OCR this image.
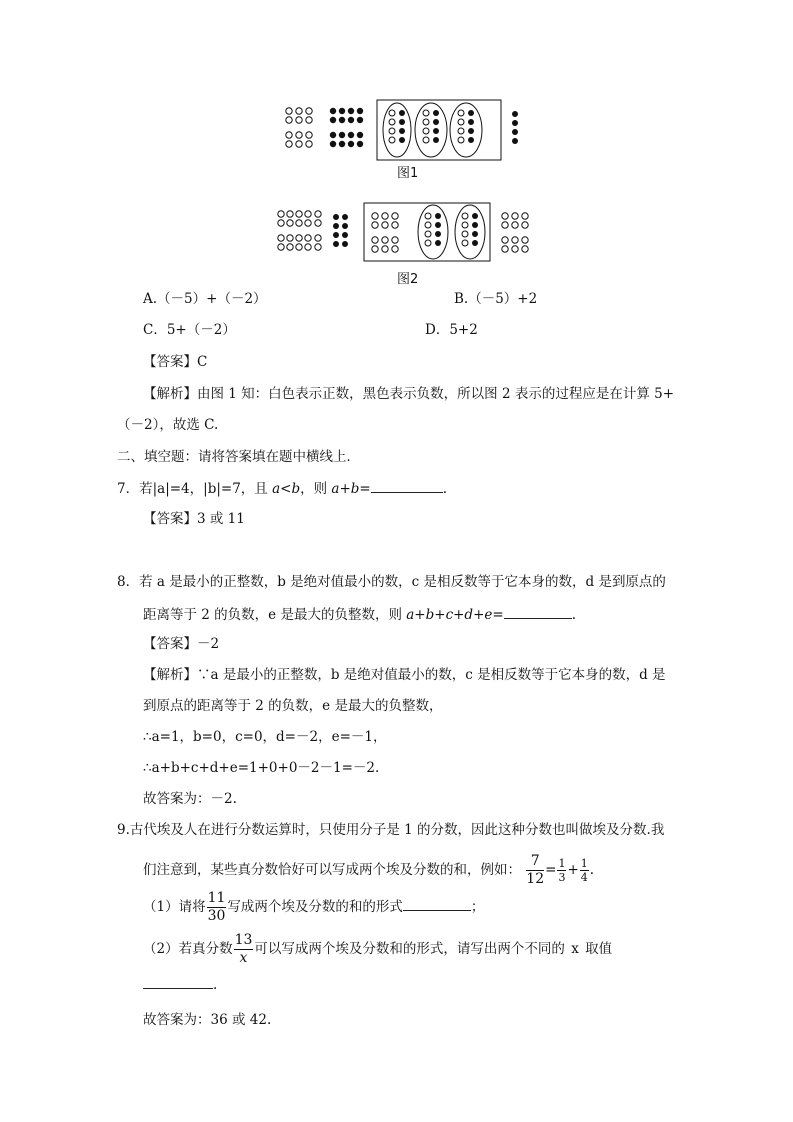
图1
图2
A.（－5）+（－2）	B.（－5）+2
C．5+（－2）	D．5+2
【答案】C
【解析】由图 1 知：白色表示正数，黑色表示负数，所以图 2 表示的过程应是在计算 5+
（－2），故选 C.
二、填空题：请将答案填在题中横线上．
7．若|a|=4，|b|=7，且 a<b，则 a+b=	.
【答案】3 或 11
8．若 a 是最小的正整数，b 是绝对值最小的数，c 是相反数等于它本身的数，d 是到原点的
距离等于 2 的负数，e 是最大的负整数，则 a+b+c+d+e=	.
【答案】－2
【解析】∵a 是最小的正整数，b 是绝对值最小的数，c 是相反数等于它本身的数，d 是
到原点的距离等于 2 的负数，e 是最大的负整数，
∴a=1，b=0，c=0，d=－2，e=－1，
∴a+b+c+d+e=1+0+0－2－1=－2.
故答案为：－2.
9.古代埃及人在进行分数运算时，只使用分子是 1 的分数，因此这种分数也叫做埃及分数.我
们注意到，某些真分数恰好可以写成两个埃及分数的和，例如： $\frac{7}{12} = \frac{1}{3} + \frac{1}{4}$ .
（1）请将 $\frac{11}{30}$ 写成两个埃及分数的和的形式	；
（2）若真分数 $\frac{13}{x}$ 可以写成两个埃及分数和的形式，请写出两个不同的 x 取值
.
故答案为：36 或 42.
